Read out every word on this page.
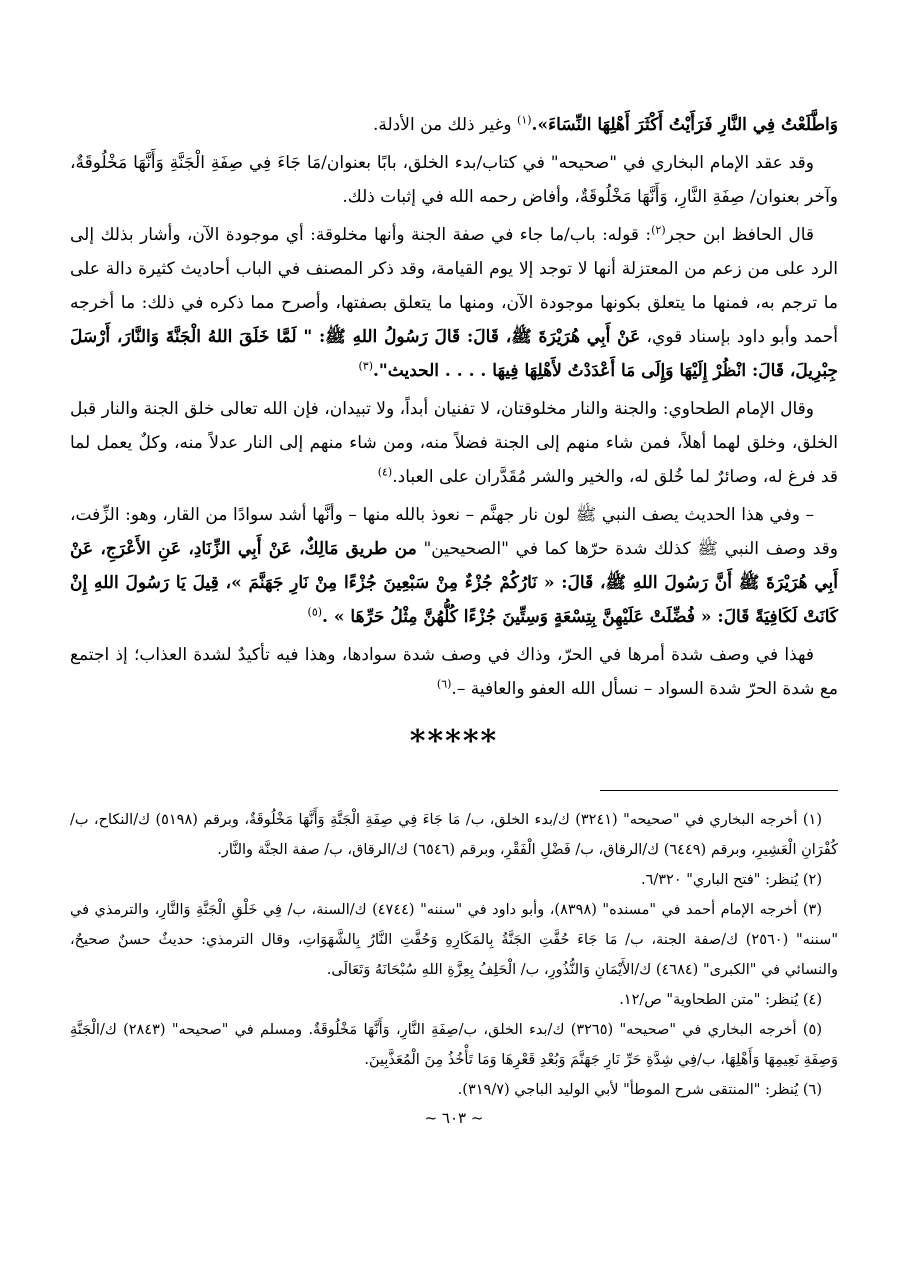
وَاطَّلَعْتُ فِي النَّارِ فَرَأَيْتُ أَكْثَرَ أَهْلِهَا النِّسَاءَ».$^{(١)}$ وغير ذلك من الأدلة.

وقد عقد الإمام البخاري في "صحيحه" في كتاب/بدء الخلق، بابًا بعنوان/مَا جَاءَ فِي صِفَةِ الْجَنَّةِ وَأَنَّهَا مَخْلُوقَةٌ، وآخر بعنوان/ صِفَةِ النَّارِ، وَأَنَّهَا مَخْلُوقَةٌ، وأفاض رحمه الله في إثبات ذلك.

قال الحافظ ابن حجر$^{(٢)}$: قوله: باب/ما جاء في صفة الجنة وأنها مخلوقة: أي موجودة الآن، وأشار بذلك إلى الرد على من زعم من المعتزلة أنها لا توجد إلا يوم القيامة، وقد ذكر المصنف في الباب أحاديث كثيرة دالة على ما ترجم به، فمنها ما يتعلق بكونها موجودة الآن، ومنها ما يتعلق بصفتها، وأصرح مما ذكره في ذلك: ما أخرجه أحمد وأبو داود بإسناد قوي، عَنْ أَبِي هُرَيْرَةَ ﷺ، قَالَ: قَالَ رَسُولُ اللهِ ﷺ: " لَمَّا خَلَقَ اللهُ الْجَنَّةَ وَالنَّارَ، أَرْسَلَ جِبْرِيلَ، قَالَ: انْظُرْ إِلَيْهَا وَإِلَى مَا أَعْدَدْتُ لأَهْلِهَا فِيهَا . . . . الحديث".$^{(٣)}$

وقال الإمام الطحاوي: والجنة والنار مخلوقتان، لا تفنيان أبداً، ولا تبيدان، فإن الله تعالى خلق الجنة والنار قبل الخلق، وخلق لهما أهلاً، فمن شاء منهم إلى الجنة فضلاً منه، ومن شاء منهم إلى النار عدلاً منه، وكلٌ يعمل لما قد فرغ له، وصائرٌ لما خُلق له، والخير والشر مُقَدَّران على العباد.$^{(٤)}$

– وفي هذا الحديث يصف النبي ﷺ لون نار جهنَّم – نعوذ بالله منها – وأنَّها أشد سوادًا من القار، وهو: الزِّفت، وقد وصف النبي ﷺ كذلك شدة حرّها كما في "الصحيحين" من طريق مَالِكٌ، عَنْ أَبِي الزِّنَادِ، عَنِ الأَعْرَجِ، عَنْ أَبِي هُرَيْرَةَ ﷺ أَنَّ رَسُولَ اللهِ ﷺ، قَالَ: « نَارُكُمْ جُزْءٌ مِنْ سَبْعِينَ جُزْءًا مِنْ نَارِ جَهَنَّمَ »، قِيلَ يَا رَسُولَ اللهِ إِنْ كَانَتْ لَكَافِيَةً قَالَ: « فُضِّلَتْ عَلَيْهِنَّ بِتِسْعَةٍ وَسِتِّينَ جُزْءًا كُلُّهُنَّ مِثْلُ حَرِّهَا » .$^{(٥)}$

فهذا في وصف شدة أمرها في الحرّ، وذاك في وصف شدة سوادها، وهذا فيه تأكيدٌ لشدة العذاب؛ إذ اجتمع مع شدة الحرّ شدة السواد – نسأل الله العفو والعافية –.$^{(٦)}$

*****

(١) أخرجه البخاري في "صحيحه" (٣٢٤١) ك/بدء الخلق، ب/ مَا جَاءَ فِي صِفَةِ الْجَنَّةِ وَأَنَّهَا مَخْلُوقَةٌ، وبرقم (٥١٩٨) ك/النكاح، ب/ كُفْرَانِ الْعَشِيرِ، وبرقم (٦٤٤٩) ك/الرقاق، ب/ فَضْلِ الْفَقْرِ، وبرقم (٦٥٤٦) ك/الرقاق، ب/ صفة الجنَّة والنَّار.

(٢) يُنظر: "فتح الباري" ٦/٣٢٠.

(٣) أخرجه الإمام أحمد في "مسنده" (٨٣٩٨)، وأبو داود في "سننه" (٤٧٤٤) ك/السنة، ب/ فِي خَلْقِ الْجَنَّةِ وَالنَّارِ، والترمذي في "سننه" (٢٥٦٠) ك/صفة الجنة، ب/ مَا جَاءَ حُفَّتِ الجَنَّةُ بِالمَكَارِهِ وَحُفَّتِ النَّارُ بِالشَّهَوَاتِ، وقال الترمذي: حديثٌ حسنٌ صحيحٌ، والنسائي في "الكبرى" (٤٦٨٤) ك/الأَيْمَانِ وَالنُّذُورِ، ب/ الْحَلِفُ بِعِزَّةِ اللهِ سُبْحَانَهُ وَتَعَالَى.

(٤) يُنظر: "متن الطحاوية" ص/١٢.

(٥) أخرجه البخاري في "صحيحه" (٣٢٦٥) ك/بدء الخلق، ب/صِفَةِ النَّارِ، وَأَنَّهَا مَخْلُوقَةٌ. ومسلم في "صحيحه" (٢٨٤٣) ك/الْجَنَّةِ وَصِفَةِ نَعِيمِهَا وَأَهْلِهَا، ب/فِي شِدَّةِ حَرِّ نَارِ جَهَنَّمَ وَبُعْدِ قَعْرِهَا وَمَا تَأْخُذُ مِنَ الْمُعَذَّبِينَ.

(٦) يُنظر: "المنتقى شرح الموطأ" لأبي الوليد الباجي (٣١٩/٧).

~ ٦٠٣ ~
